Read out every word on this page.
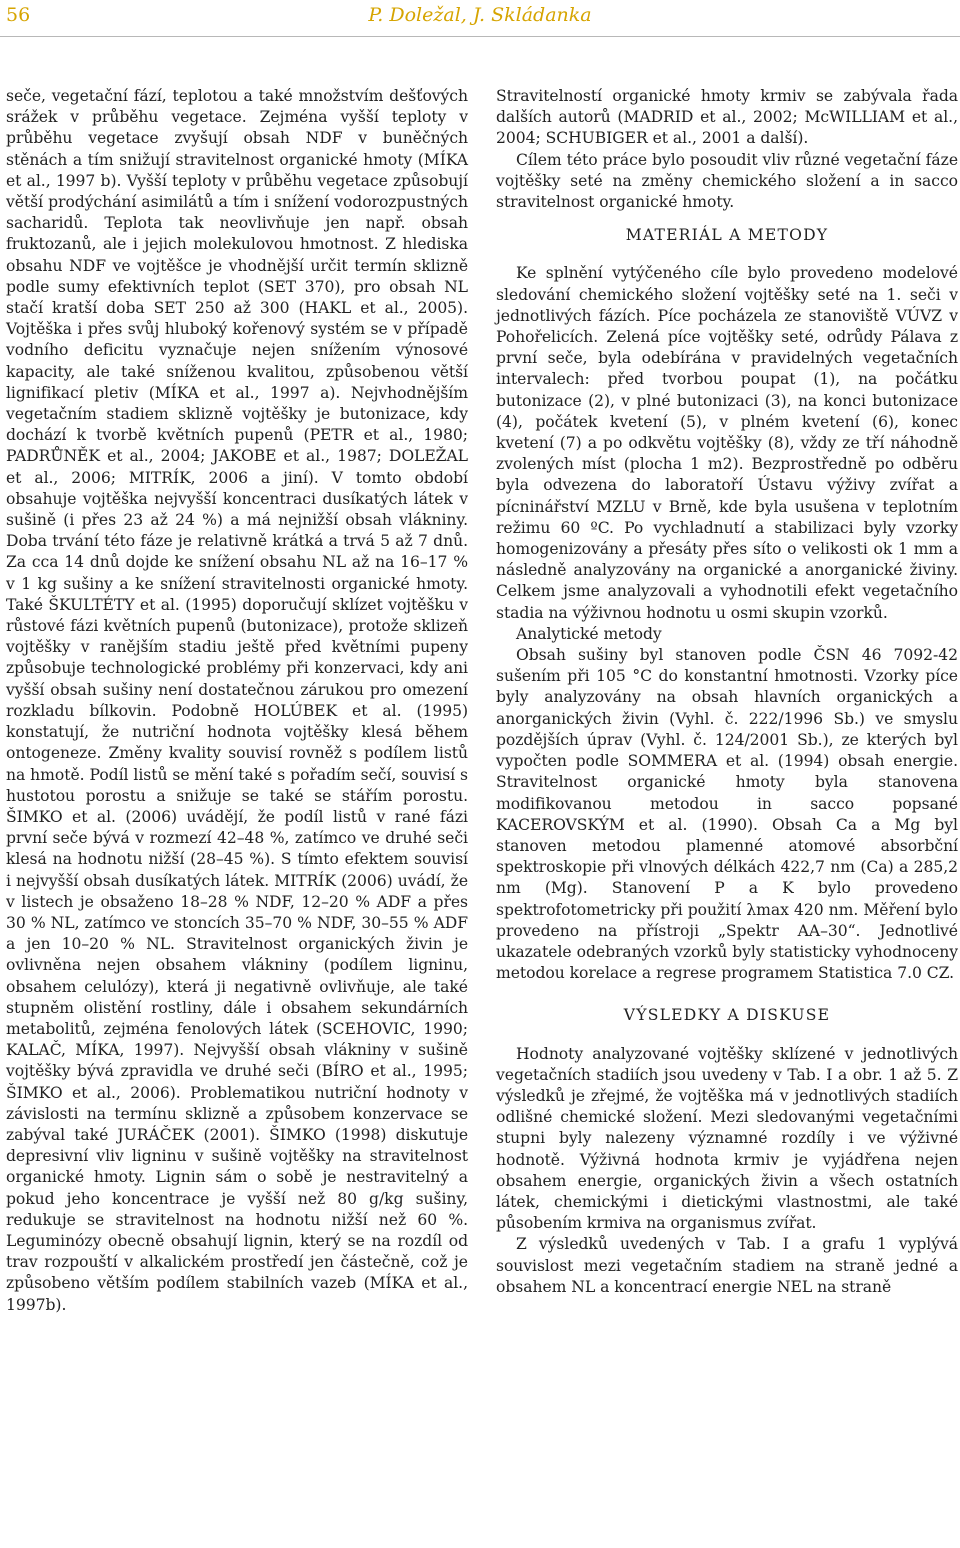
56	P. Doležal, J. Skládanka

sečе, vegetační fází, teplotou a také množstvím dešťových srážek v průběhu vegetace. Zejména vyšší teploty v průběhu vegetace zvyšují obsah NDF v buněčných stěnách a tím snižují stravitelnost organické hmoty (MÍKA et al., 1997 b). Vyšší teploty v průběhu vegetace způsobují větší prodýchání asimilátů a tím i snížení vodorozpustných sacharidů. Teplota tak neovlivňuje jen např. obsah fruktozanů, ale i jejich molekulovou hmotnost. Z hlediska obsahu NDF ve vojtěšce je vhodnější určit termín sklizně podle sumy efektivních teplot (SET 370), pro obsah NL stačí kratší doba SET 250 až 300 (HAKL et al., 2005). Vojtěška i přes svůj hluboký kořenový systém se v případě vodního deficitu vyznačuje nejen snížením výnosové kapacity, ale také sníženou kvalitou, způsobenou větší lignifikací pletiv (MÍKA et al., 1997 a). Nejvhodnějším vegetačním stadiem sklizně vojtěšky je butonizace, kdy dochází k tvorbě květních pupenů (PETR et al., 1980; PADRŮNĚK et al., 2004; JAKOBE et al., 1987; DOLEŽAL et al., 2006; MITRÍK, 2006 a jiní). V tomto období obsahuje vojtěška nejvyšší koncentraci dusíkatých látek v sušině (i přes 23 až 24 %) a má nejnižší obsah vlákniny. Doba trvání této fáze je relativně krátká a trvá 5 až 7 dnů. Za cca 14 dnů dojde ke snížení obsahu NL až na 16–17 % v 1 kg sušiny a ke snížení stravitelnosti organické hmoty. Také ŠKULTÉTY et al. (1995) doporučují sklízet vojtěšku v růstové fázi květních pupenů (butonizace), protože sklizeň vojtěšky v ranějším stadiu ještě před květními pupeny způsobuje technologické problémy při konzervaci, kdy ani vyšší obsah sušiny není dostatečnou zárukou pro omezení rozkladu bílkovin. Podobně HOLÚBEK et al. (1995) konstatují, že nutriční hodnota vojtěšky klesá během ontogeneze. Změny kvality souvisí rovněž s podílem listů na hmotě. Podíl listů se mění také s pořadím sečí, souvisí s hustotou porostu a snižuje se také se stářím porostu. ŠIMKO et al. (2006) uvádějí, že podíl listů v rané fázi první seče bývá v rozmezí 42–48 %, zatímco ve druhé seči klesá na hodnotu nižší (28–45 %). S tímto efektem souvisí i nejvyšší obsah dusíkatých látek. MITRÍK (2006) uvádí, že v listech je obsaženo 18–28 % NDF, 12–20 % ADF a přes 30 % NL, zatímco ve stoncích 35–70 % NDF, 30–55 % ADF a jen 10–20 % NL. Stravitelnost organických živin je ovlivněna nejen obsahem vlákniny (podílem ligninu, obsahem celulózy), která ji negativně ovlivňuje, ale také stupněm olistění rostliny, dále i obsahem sekundárních metabolitů, zejména fenolových látek (SCEHOVIC, 1990; KALAČ, MÍKA, 1997). Nejvyšší obsah vlákniny v sušině vojtěšky bývá zpravidla ve druhé seči (BÍRO et al., 1995; ŠIMKO et al., 2006). Problematikou nutriční hodnoty v závislosti na termínu sklizně a způsobem konzervace se zabýval také JURÁČEK (2001). ŠIMKO (1998) diskutuje depresivní vliv ligninu v sušině vojtěšky na stravitelnost organické hmoty. Lignin sám o sobě je nestravitelný a pokud jeho koncentrace je vyšší než 80 g/kg sušiny, redukuje se stravitelnost na hodnotu nižší než 60 %. Leguminózy obecně obsahují lignin, který se na rozdíl od trav rozpouští v alkalickém prostředí jen částečně, což je způsobeno větším podílem stabilních vazeb (MÍKA et al., 1997b).

Stravitelností organické hmoty krmiv se zabývala řada dalších autorů (MADRID et al., 2002; McWILLIAM et al., 2004; SCHUBIGER et al., 2001 a další).

Cílem této práce bylo posoudit vliv různé vegetační fáze vojtěšky seté na změny chemického složení a in sacco stravitelnost organické hmoty.

MATERIÁL A METODY

Ke splnění vytýčeného cíle bylo provedeno modelové sledování chemického složení vojtěšky seté na 1. seči v jednotlivých fázích. Píce pocházela ze stanoviště VÚVZ v Pohořelicích. Zelená píce vojtěšky seté, odrůdy Pálava z první seče, byla odebírána v pravidelných vegetačních intervalech: před tvorbou poupat (1), na počátku butonizace (2), v plné butonizaci (3), na konci butonizace (4), počátek kvetení (5), v plném kvetení (6), konec kvetení (7) a po odkvětu vojtěšky (8), vždy ze tří náhodně zvolených míst (plocha 1 m2). Bezprostředně po odběru byla odvezena do laboratoří Ústavu výživy zvířat a pícninářství MZLU v Brně, kde byla usušena v teplotním režimu 60 ºC. Po vychladnutí a stabilizaci byly vzorky homogenizovány a přesáty přes síto o velikosti ok 1 mm a následně analyzovány na organické a anorganické živiny. Celkem jsme analyzovali a vyhodnotili efekt vegetačního stadia na výživnou hodnotu u osmi skupin vzorků.

Analytické metody

Obsah sušiny byl stanoven podle ČSN 46 7092-42 sušením při 105 °C do konstantní hmotnosti. Vzorky píce byly analyzovány na obsah hlavních organických a anorganických živin (Vyhl. č. 222/1996 Sb.) ve smyslu pozdějších úprav (Vyhl. č. 124/2001 Sb.), ze kterých byl vypočten podle SOMMERA et al. (1994) obsah energie. Stravitelnost organické hmoty byla stanovena modifikovanou metodou in sacco popsané KACEROVSKÝM et al. (1990). Obsah Ca a Mg byl stanoven metodou plamenné atomové absorbční spektroskopie při vlnových délkách 422,7 nm (Ca) a 285,2 nm (Mg). Stanovení P a K bylo provedeno spektrofotometricky při použití λmax 420 nm. Měření bylo provedeno na přístroji „Spektr AA–30“. Jednotlivé ukazatele odebraných vzorků byly statisticky vyhodnoceny metodou korelace a regrese programem Statistica 7.0 CZ.

VÝSLEDKY A DISKUSE

Hodnoty analyzované vojtěšky sklízené v jednotlivých vegetačních stadiích jsou uvedeny v Tab. I a obr. 1 až 5. Z výsledků je zřejmé, že vojtěška má v jednotlivých stadiích odlišné chemické složení. Mezi sledovanými vegetačními stupni byly nalezeny významné rozdíly i ve výživné hodnotě. Výživná hodnota krmiv je vyjádřena nejen obsahem energie, organických živin a všech ostatních látek, chemickými i dietickými vlastnostmi, ale také působením krmiva na organismus zvířat.

Z výsledků uvedených v Tab. I a grafu 1 vyplývá souvislost mezi vegetačním stadiem na straně jedné a obsahem NL a koncentrací energie NEL na straně
